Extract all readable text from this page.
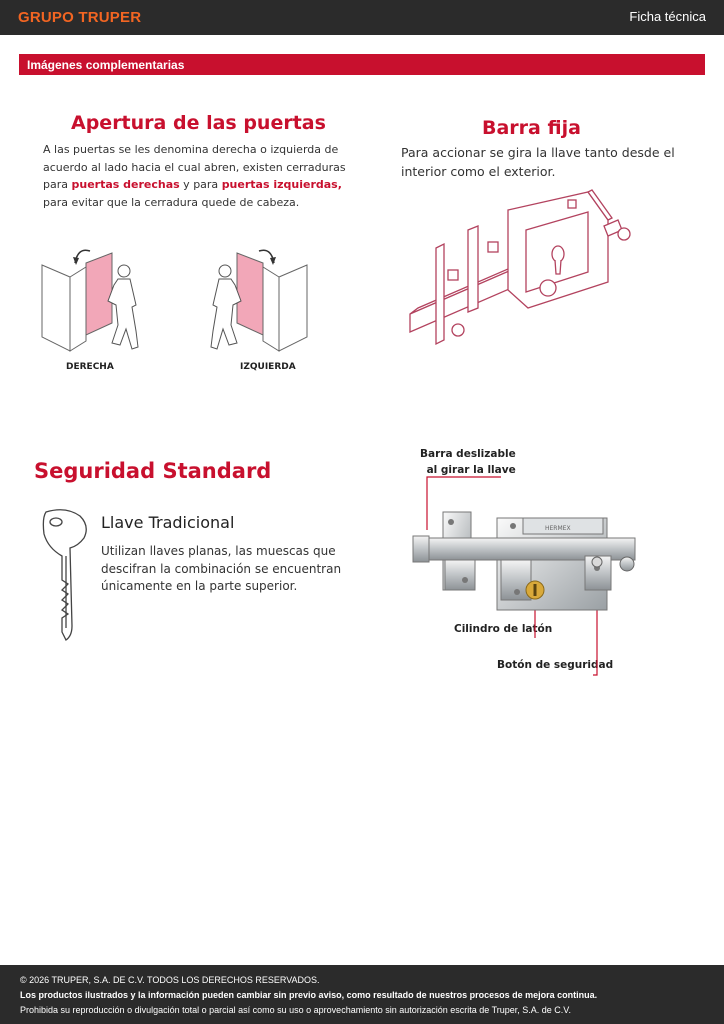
GRUPO TRUPER	Ficha técnica
Imágenes complementarias
Apertura de las puertas

A las puertas se les denomina derecha o izquierda de
acuerdo al lado hacia el cual abren, existen cerraduras
para puertas derechas y para puertas izquierdas,
para evitar que la cerradura quede de cabeza.

DERECHA	IZQUIERDA
Barra fija

Para accionar se gira la llave tanto desde el
interior como el exterior.

Seguridad Standard
Llave Tradicional

Utilizan llaves planas, las muescas que
descifran la combinación se encuentran
únicamente en la parte superior.

Barra deslizable
al girar la llave
Cilindro de latón
Botón de seguridad
HERMEX
© 2026 TRUPER, S.A. DE C.V. TODOS LOS DERECHOS RESERVADOS.
Los productos ilustrados y la información pueden cambiar sin previo aviso, como resultado de nuestros procesos de mejora continua.
Prohibida su reproducción o divulgación total o parcial así como su uso o aprovechamiento sin autorización escrita de Truper, S.A. de C.V.
